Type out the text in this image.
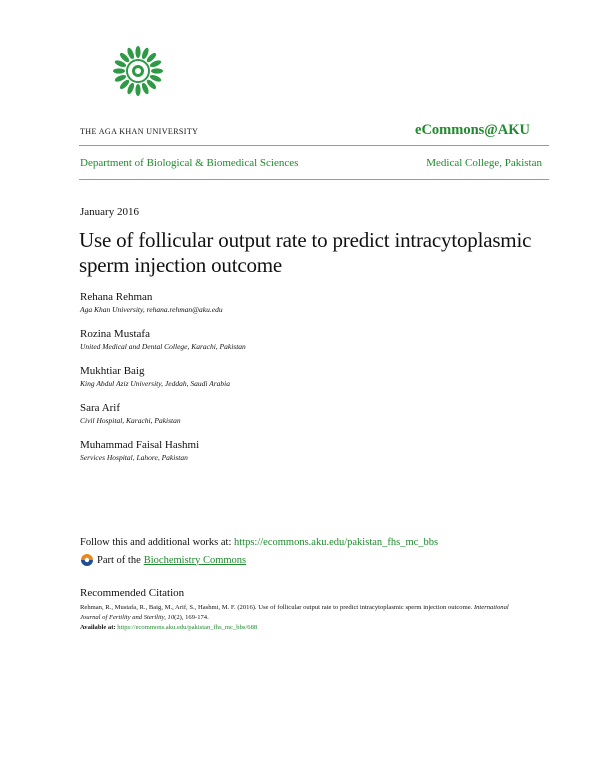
THE AGA KHAN UNIVERSITY	eCommons@AKU
Department of Biological & Biomedical Sciences	Medical College, Pakistan
January 2016
Use of follicular output rate to predict intracytoplasmic sperm injection outcome
Rehana Rehman
Aga Khan University, rehana.rehman@aku.edu
Rozina Mustafa
United Medical and Dental College, Karachi, Pakistan
Mukhtiar Baig
King Abdul Aziz University, Jeddah, Saudi Arabia
Sara Arif
Civil Hospital, Karachi, Pakistan
Muhammad Faisal Hashmi
Services Hospital, Lahore, Pakistan
Follow this and additional works at: https://ecommons.aku.edu/pakistan_fhs_mc_bbs
Part of the Biochemistry Commons
Recommended Citation
Rehman, R., Mustafa, R., Baig, M., Arif, S., Hashmi, M. F. (2016). Use of follicular output rate to predict intracytoplasmic sperm injection outcome. International Journal of Fertility and Sterility, 10(2), 169-174.
Available at: https://ecommons.aku.edu/pakistan_fhs_mc_bbs/688
